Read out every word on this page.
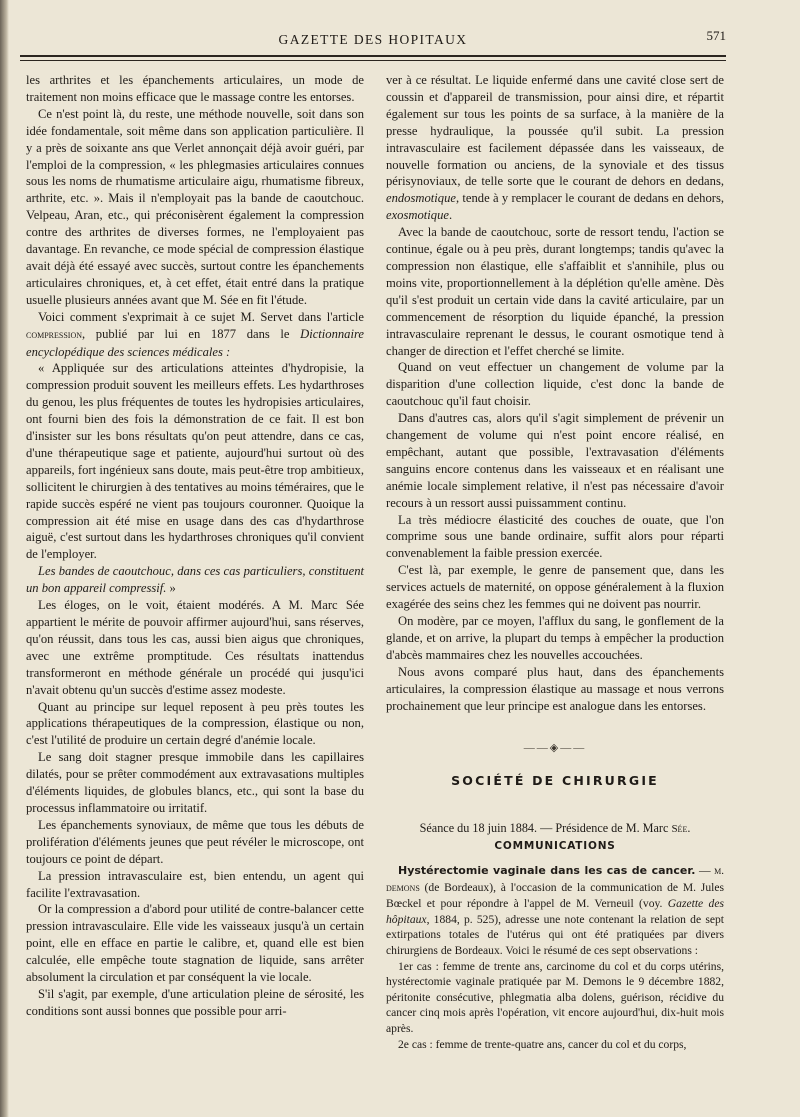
GAZETTE DES HOPITAUX	571

les arthrites et les épanchements articulaires, un mode de traitement non moins efficace que le massage contre les entorses.

Ce n'est point là, du reste, une méthode nouvelle, soit dans son idée fondamentale, soit même dans son application particulière. Il y a près de soixante ans que Verlet annonçait déjà avoir guéri, par l'emploi de la compression, « les phlegmasies articulaires connues sous les noms de rhumatisme articulaire aigu, rhumatisme fibreux, arthrite, etc. ». Mais il n'employait pas la bande de caoutchouc. Velpeau, Aran, etc., qui préconisèrent également la compression contre des arthrites de diverses formes, ne l'employaient pas davantage. En revanche, ce mode spécial de compression élastique avait déjà été essayé avec succès, surtout contre les épanchements articulaires chroniques, et, à cet effet, était entré dans la pratique usuelle plusieurs années avant que M. Sée en fit l'étude.

Voici comment s'exprimait à ce sujet M. Servet dans l'article compression, publié par lui en 1877 dans le Dictionnaire encyclopédique des sciences médicales :

« Appliquée sur des articulations atteintes d'hydropisie, la compression produit souvent les meilleurs effets. Les hydarthroses du genou, les plus fréquentes de toutes les hydropisies articulaires, ont fourni bien des fois la démonstration de ce fait. Il est bon d'insister sur les bons résultats qu'on peut attendre, dans ce cas, d'une thérapeutique sage et patiente, aujourd'hui surtout où des appareils, fort ingénieux sans doute, mais peut-être trop ambitieux, sollicitent le chirurgien à des tentatives au moins téméraires, que le rapide succès espéré ne vient pas toujours couronner. Quoique la compression ait été mise en usage dans des cas d'hydarthrose aiguë, c'est surtout dans les hydarthroses chroniques qu'il convient de l'employer.

Les bandes de caoutchouc, dans ces cas particuliers, constituent un bon appareil compressif. »

Les éloges, on le voit, étaient modérés. A M. Marc Sée appartient le mérite de pouvoir affirmer aujourd'hui, sans réserves, qu'on réussit, dans tous les cas, aussi bien aigus que chroniques, avec une extrême promptitude. Ces résultats inattendus transformeront en méthode générale un procédé qui jusqu'ici n'avait obtenu qu'un succès d'estime assez modeste.

Quant au principe sur lequel reposent à peu près toutes les applications thérapeutiques de la compression, élastique ou non, c'est l'utilité de produire un certain degré d'anémie locale.

Le sang doit stagner presque immobile dans les capillaires dilatés, pour se prêter commodément aux extravasations multiples d'éléments liquides, de globules blancs, etc., qui sont la base du processus inflammatoire ou irritatif.

Les épanchements synoviaux, de même que tous les débuts de prolifération d'éléments jeunes que peut révéler le microscope, ont toujours ce point de départ.

La pression intravasculaire est, bien entendu, un agent qui facilite l'extravasation.

Or la compression a d'abord pour utilité de contre-balancer cette pression intravasculaire. Elle vide les vaisseaux jusqu'à un certain point, elle en efface en partie le calibre, et, quand elle est bien calculée, elle empêche toute stagnation de liquide, sans arrêter absolument la circulation et par conséquent la vie locale.

S'il s'agit, par exemple, d'une articulation pleine de sérosité, les conditions sont aussi bonnes que possible pour arri-

ver à ce résultat. Le liquide enfermé dans une cavité close sert de coussin et d'appareil de transmission, pour ainsi dire, et répartit également sur tous les points de sa surface, à la manière de la presse hydraulique, la poussée qu'il subit. La pression intravasculaire est facilement dépassée dans les vaisseaux, de nouvelle formation ou anciens, de la synoviale et des tissus périsynoviaux, de telle sorte que le courant de dehors en dedans, endosmotique, tende à y remplacer le courant de dedans en dehors, exosmotique.

Avec la bande de caoutchouc, sorte de ressort tendu, l'action se continue, égale ou à peu près, durant longtemps; tandis qu'avec la compression non élastique, elle s'affaiblit et s'annihile, plus ou moins vite, proportionnellement à la déplétion qu'elle amène. Dès qu'il s'est produit un certain vide dans la cavité articulaire, par un commencement de résorption du liquide épanché, la pression intravasculaire reprenant le dessus, le courant osmotique tend à changer de direction et l'effet cherché se limite.

Quand on veut effectuer un changement de volume par la disparition d'une collection liquide, c'est donc la bande de caoutchouc qu'il faut choisir.

Dans d'autres cas, alors qu'il s'agit simplement de prévenir un changement de volume qui n'est point encore réalisé, en empêchant, autant que possible, l'extravasation d'éléments sanguins encore contenus dans les vaisseaux et en réalisant une anémie locale simplement relative, il n'est pas nécessaire d'avoir recours à un ressort aussi puissamment continu.

La très médiocre élasticité des couches de ouate, que l'on comprime sous une bande ordinaire, suffit alors pour réparti convenablement la faible pression exercée.

C'est là, par exemple, le genre de pansement que, dans les services actuels de maternité, on oppose généralement à la fluxion exagérée des seins chez les femmes qui ne doivent pas nourrir.

On modère, par ce moyen, l'afflux du sang, le gonflement de la glande, et on arrive, la plupart du temps à empêcher la production d'abcès mammaires chez les nouvelles accouchées.

Nous avons comparé plus haut, dans des épanchements articulaires, la compression élastique au massage et nous verrons prochainement que leur principe est analogue dans les entorses.

——◈——
SOCIÉTÉ DE CHIRURGIE

Séance du 18 juin 1884. — Présidence de M. Marc Sée.

COMMUNICATIONS

Hystérectomie vaginale dans les cas de cancer. — m. demons (de Bordeaux), à l'occasion de la communication de M. Jules Bœckel et pour répondre à l'appel de M. Verneuil (voy. Gazette des hôpitaux, 1884, p. 525), adresse une note contenant la relation de sept extirpations totales de l'utérus qui ont été pratiquées par divers chirurgiens de Bordeaux. Voici le résumé de ces sept observations :

1er cas : femme de trente ans, carcinome du col et du corps utérins, hystérectomie vaginale pratiquée par M. Demons le 9 décembre 1882, péritonite consécutive, phlegmatia alba dolens, guérison, récidive du cancer cinq mois après l'opération, vit encore aujourd'hui, dix-huit mois après.

2e cas : femme de trente-quatre ans, cancer du col et du corps,
